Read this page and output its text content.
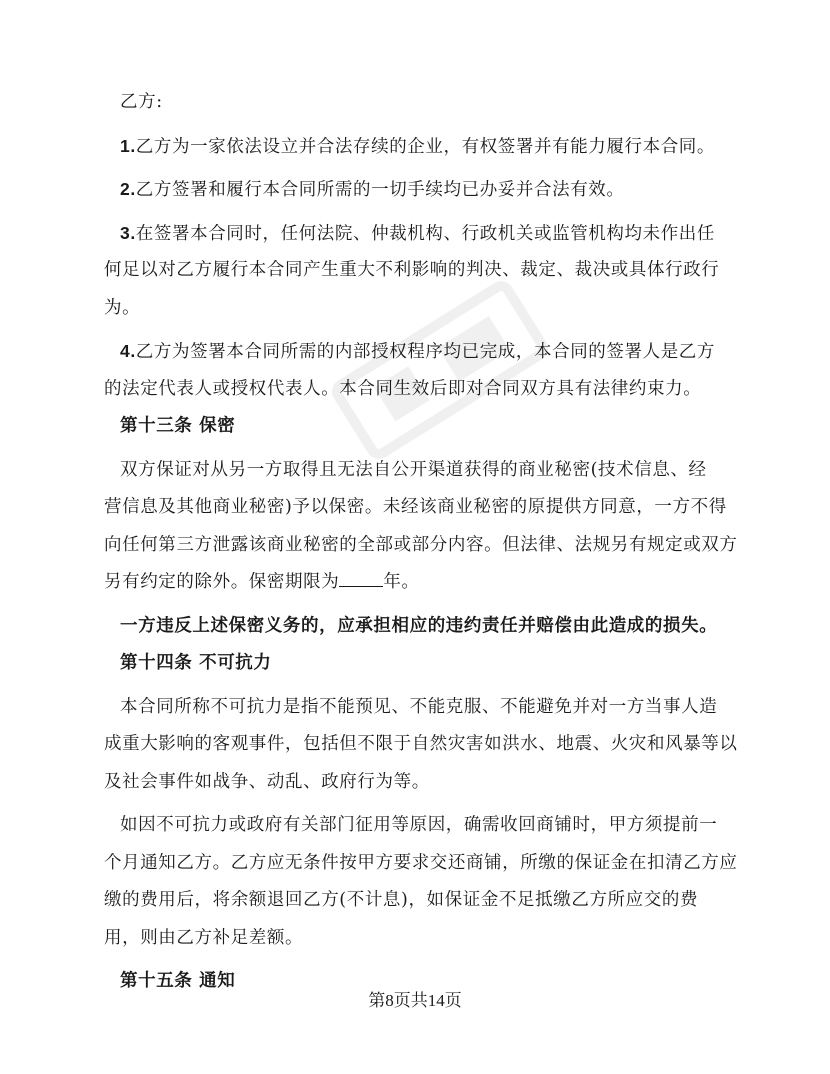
乙方:
1.乙方为一家依法设立并合法存续的企业，有权签署并有能力履行本合同。
2.乙方签署和履行本合同所需的一切手续均已办妥并合法有效。
3.在签署本合同时，任何法院、仲裁机构、行政机关或监管机构均未作出任
何足以对乙方履行本合同产生重大不利影响的判决、裁定、裁决或具体行政行
为。
4.乙方为签署本合同所需的内部授权程序均已完成，本合同的签署人是乙方
的法定代表人或授权代表人。本合同生效后即对合同双方具有法律约束力。
第十三条 保密
双方保证对从另一方取得且无法自公开渠道获得的商业秘密(技术信息、经
营信息及其他商业秘密)予以保密。未经该商业秘密的原提供方同意，一方不得
向任何第三方泄露该商业秘密的全部或部分内容。但法律、法规另有规定或双方
另有约定的除外。保密期限为	年。
一方违反上述保密义务的，应承担相应的违约责任并赔偿由此造成的损失。
第十四条 不可抗力
本合同所称不可抗力是指不能预见、不能克服、不能避免并对一方当事人造
成重大影响的客观事件，包括但不限于自然灾害如洪水、地震、火灾和风暴等以
及社会事件如战争、动乱、政府行为等。
如因不可抗力或政府有关部门征用等原因，确需收回商铺时，甲方须提前一
个月通知乙方。乙方应无条件按甲方要求交还商铺，所缴的保证金在扣清乙方应
缴的费用后，将余额退回乙方(不计息)，如保证金不足抵缴乙方所应交的费
用，则由乙方补足差额。
第十五条 通知
第8页共14页
